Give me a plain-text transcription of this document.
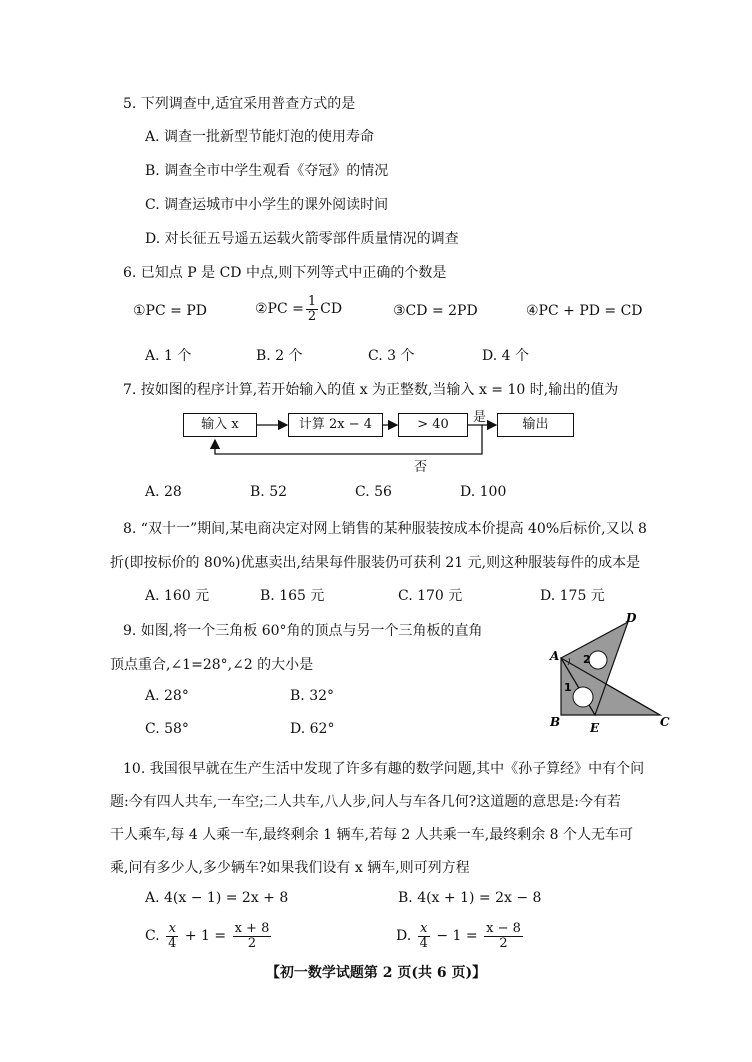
5. 下列调查中,适宜采用普查方式的是
A. 调查一批新型节能灯泡的使用寿命
B. 调查全市中学生观看《夺冠》的情况
C. 调查运城市中小学生的课外阅读时间
D. 对长征五号遥五运载火箭零部件质量情况的调查
6. 已知点 P 是 CD 中点,则下列等式中正确的个数是
①PC = PD	②PC = $\frac{1}{2}$ CD	③CD = 2PD	④PC + PD = CD
A. 1 个	B. 2 个	C. 3 个	D. 4 个
7. 按如图的程序计算,若开始输入的值 x 为正整数,当输入 x = 10 时,输出的值为
输入 x	计算 2x − 4	> 40	输出
是
否
A. 28	B. 52	C. 56	D. 100
8. “双十一”期间,某电商决定对网上销售的某种服装按成本价提高 40%后标价,又以 8
折(即按标价的 80%)优惠卖出,结果每件服装仍可获利 21 元,则这种服装每件的成本是
A. 160 元	B. 165 元	C. 170 元	D. 175 元
9. 如图,将一个三角板 60°角的顶点与另一个三角板的直角
顶点重合,∠1=28°,∠2 的大小是
A. 28°	B. 32°
C. 58°	D. 62°
A
B	C
D
E
1
2
10. 我国很早就在生产生活中发现了许多有趣的数学问题,其中《孙子算经》中有个问
题:今有四人共车,一车空;二人共车,八人步,问人与车各几何?这道题的意思是:今有若
干人乘车,每 4 人乘一车,最终剩余 1 辆车,若每 2 人共乘一车,最终剩余 8 个人无车可
乘,问有多少人,多少辆车?如果我们设有 x 辆车,则可列方程
A. 4(x − 1) = 2x + 8	B. 4(x + 1) = 2x − 8
C. $\frac{x}{4} + 1 = \frac{x + 8}{2}$	D. $\frac{x}{4} - 1 = \frac{x - 8}{2}$
【初一数学试题第 2 页(共 6 页)】
